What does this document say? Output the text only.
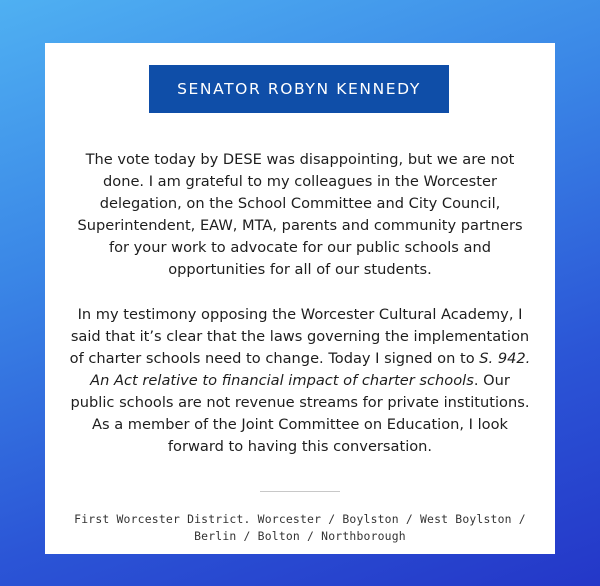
SENATOR ROBYN KENNEDY

The vote today by DESE was disappointing, but we are not done. I am grateful to my colleagues in the Worcester delegation, on the School Committee and City Council, Superintendent, EAW, MTA, parents and community partners for your work to advocate for our public schools and opportunities for all of our students.

In my testimony opposing the Worcester Cultural Academy, I said that it’s clear that the laws governing the implementation of charter schools need to change. Today I signed on to S. 942. An Act relative to financial impact of charter schools. Our public schools are not revenue streams for private institutions. As a member of the Joint Committee on Education, I look forward to having this conversation.

First Worcester District. Worcester / Boylston / West Boylston / Berlin / Bolton / Northborough
